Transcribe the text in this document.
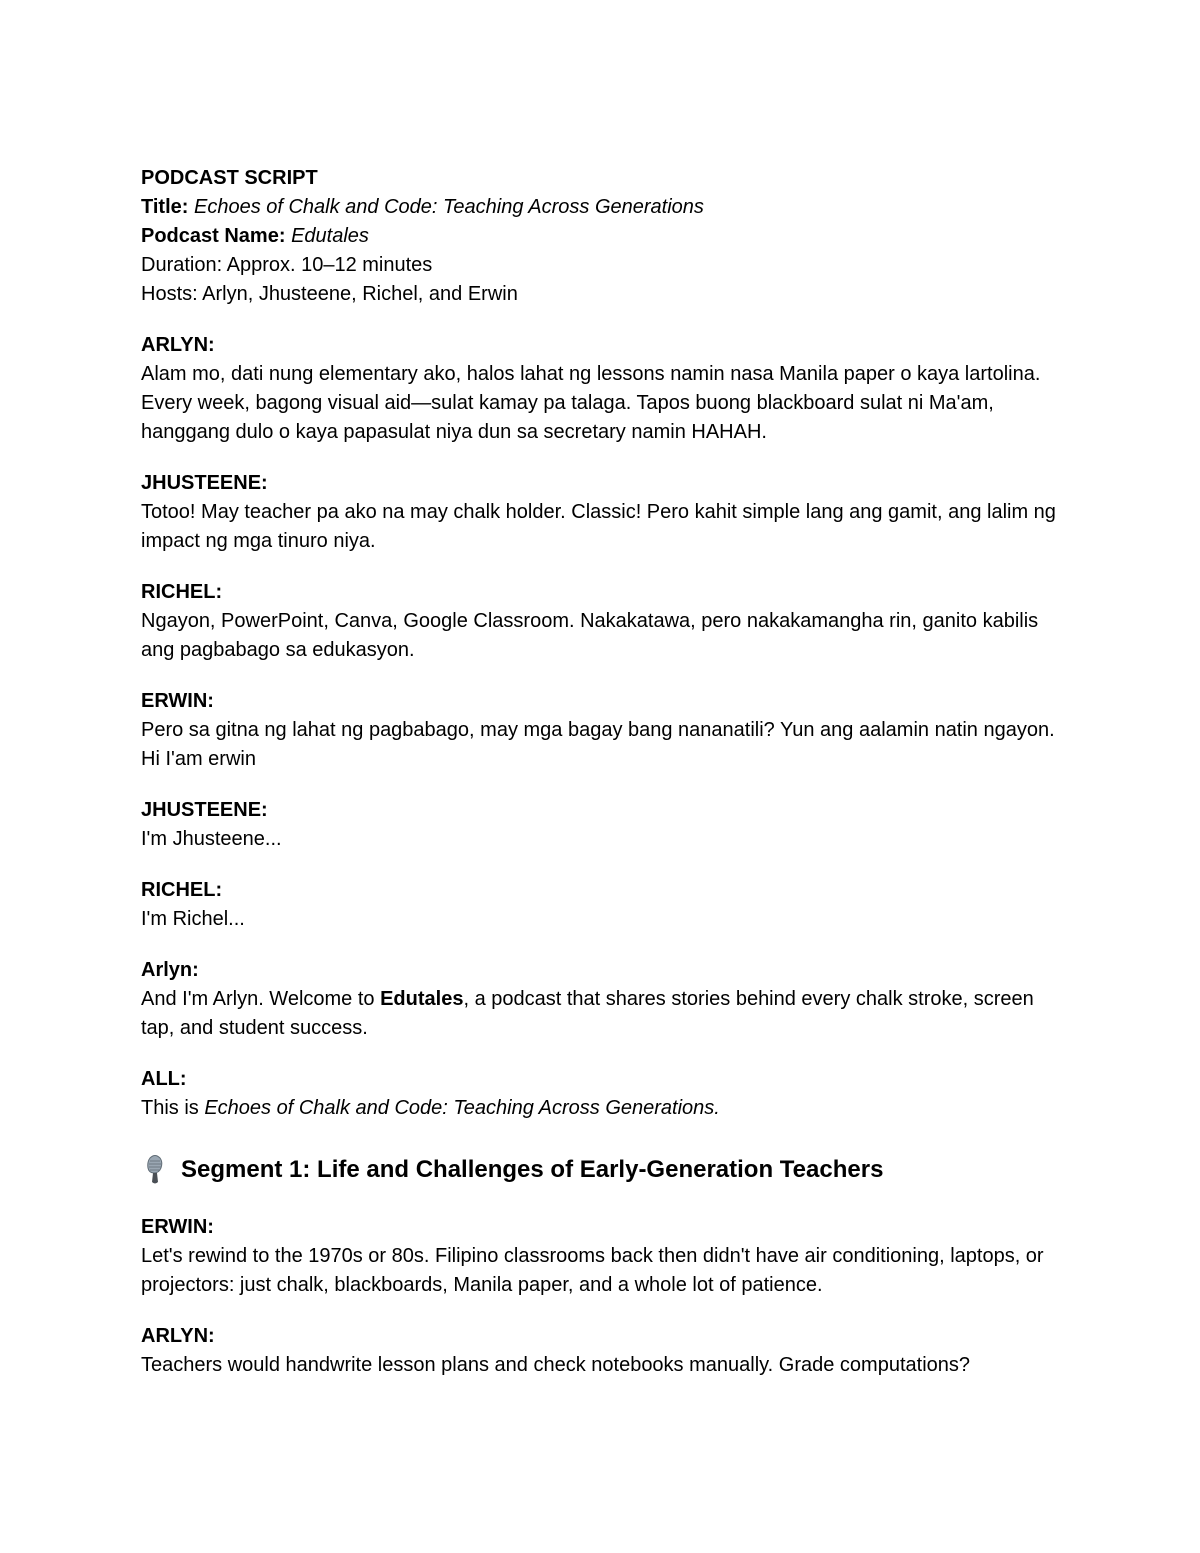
PODCAST SCRIPT
Title: Echoes of Chalk and Code: Teaching Across Generations
Podcast Name: Edutales
Duration: Approx. 10–12 minutes
Hosts: Arlyn, Jhusteene, Richel, and Erwin
ARLYN:
Alam mo, dati nung elementary ako, halos lahat ng lessons namin nasa Manila paper o kaya lartolina. Every week, bagong visual aid—sulat kamay pa talaga. Tapos buong blackboard sulat ni Ma'am, hanggang dulo o kaya papasulat niya dun sa secretary namin HAHAH.
JHUSTEENE:
Totoo! May teacher pa ako na may chalk holder. Classic! Pero kahit simple lang ang gamit, ang lalim ng impact ng mga tinuro niya.
RICHEL:
Ngayon, PowerPoint, Canva, Google Classroom. Nakakatawa, pero nakakamangha rin, ganito kabilis ang pagbabago sa edukasyon.
ERWIN:
Pero sa gitna ng lahat ng pagbabago, may mga bagay bang nananatili? Yun ang aalamin natin ngayon. Hi I'am erwin
JHUSTEENE:
I'm Jhusteene...
RICHEL:
I'm Richel...
Arlyn:
And I'm Arlyn. Welcome to Edutales, a podcast that shares stories behind every chalk stroke, screen tap, and student success.
ALL:
This is Echoes of Chalk and Code: Teaching Across Generations.
Segment 1: Life and Challenges of Early-Generation Teachers
ERWIN:
Let's rewind to the 1970s or 80s. Filipino classrooms back then didn't have air conditioning, laptops, or projectors: just chalk, blackboards, Manila paper, and a whole lot of patience.
ARLYN:
Teachers would handwrite lesson plans and check notebooks manually. Grade computations?
